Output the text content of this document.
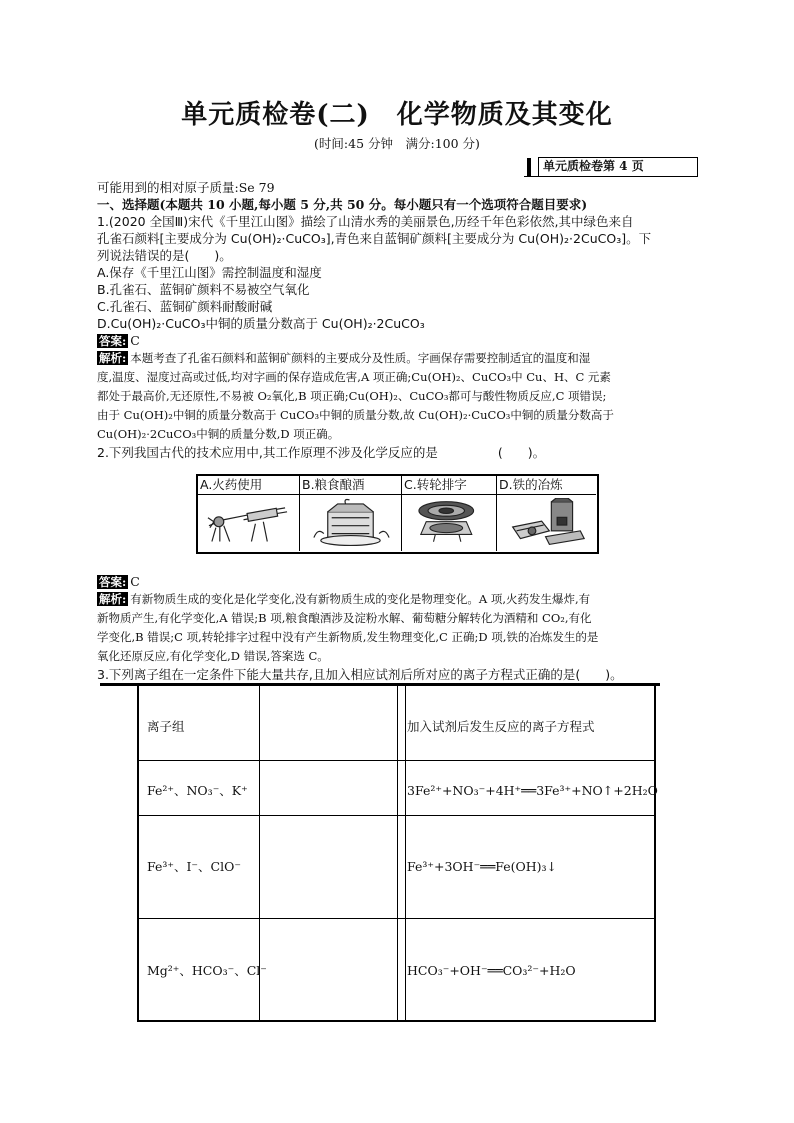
单元质检卷(二)　化学物质及其变化
(时间:45 分钟　满分:100 分)
单元质检卷第 4 页
可能用到的相对原子质量:Se 79
一、选择题(本题共 10 小题,每小题 5 分,共 50 分。每小题只有一个选项符合题目要求)
1.(2020 全国Ⅲ)宋代《千里江山图》描绘了山清水秀的美丽景色,历经千年色彩依然,其中绿色来自
孔雀石颜料[主要成分为 Cu(OH)₂·CuCO₃],青色来自蓝铜矿颜料[主要成分为 Cu(OH)₂·2CuCO₃]。下
列说法错误的是(　　)。
A.保存《千里江山图》需控制温度和湿度
B.孔雀石、蓝铜矿颜料不易被空气氧化
C.孔雀石、蓝铜矿颜料耐酸耐碱
D.Cu(OH)₂·CuCO₃中铜的质量分数高于 Cu(OH)₂·2CuCO₃
答案: C
解析: 本题考查了孔雀石颜料和蓝铜矿颜料的主要成分及性质。字画保存需要控制适宜的温度和湿
度,温度、湿度过高或过低,均对字画的保存造成危害,A 项正确;Cu(OH)₂、CuCO₃中 Cu、H、C 元素
都处于最高价,无还原性,不易被 O₂氧化,B 项正确;Cu(OH)₂、CuCO₃都可与酸性物质反应,C 项错误;
由于 Cu(OH)₂中铜的质量分数高于 CuCO₃中铜的质量分数,故 Cu(OH)₂·CuCO₃中铜的质量分数高于
Cu(OH)₂·2CuCO₃中铜的质量分数,D 项正确。
2.下列我国古代的技术应用中,其工作原理不涉及化学反应的是	(　　)。
A.火药使用	B.粮食酿酒	C.转轮排字	D.铁的冶炼
答案: C
解析: 有新物质生成的变化是化学变化,没有新物质生成的变化是物理变化。A 项,火药发生爆炸,有
新物质产生,有化学变化,A 错误;B 项,粮食酿酒涉及淀粉水解、葡萄糖分解转化为酒精和 CO₂,有化
学变化,B 错误;C 项,转轮排字过程中没有产生新物质,发生物理变化,C 正确;D 项,铁的冶炼发生的是
氧化还原反应,有化学变化,D 错误,答案选 C。
3.下列离子组在一定条件下能大量共存,且加入相应试剂后所对应的离子方程式正确的是(　　)。
离子组	加入试剂后发生反应的离子方程式
Fe²⁺、NO₃⁻、K⁺	3Fe²⁺+NO₃⁻+4H⁺══3Fe³⁺+NO↑+2H₂O
Fe³⁺、I⁻、ClO⁻	Fe³⁺+3OH⁻══Fe(OH)₃↓
Mg²⁺、HCO₃⁻、Cl⁻	HCO₃⁻+OH⁻══CO₃²⁻+H₂O
